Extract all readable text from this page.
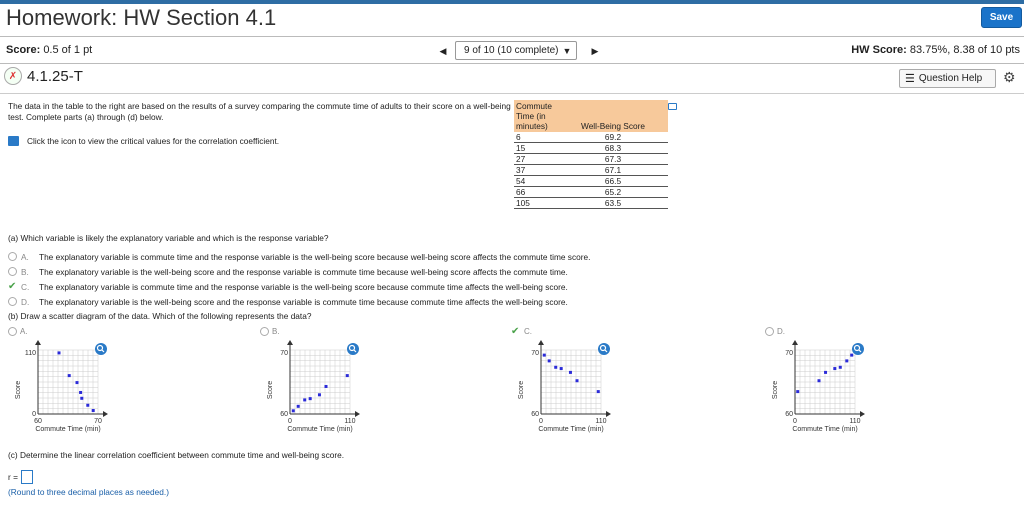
Homework: HW Section 4.1	Save
Score: 0.5 of 1 pt	◀	9 of 10 (10 complete) ▼	▶	HW Score: 83.75%, 8.38 of 10 pts
✗ 4.1.25-T	☰ Question Help ⚙
The data in the table to the right are based on the results of a survey comparing the commute time of adults to their score on a well-being test. Complete parts (a) through (d) below.
Click the icon to view the critical values for the correlation coefficient.
Commute Time (in minutes)	Well-Being Score
6	69.2
15	68.3
27	67.3
37	67.1
54	66.5
66	65.2
105	63.5
(a) Which variable is likely the explanatory variable and which is the response variable?
A.	The explanatory variable is commute time and the response variable is the well-being score because well-being score affects the commute time score.
B.	The explanatory variable is the well-being score and the response variable is commute time because well-being score affects the commute time.
✔ C.	The explanatory variable is commute time and the response variable is the well-being score because commute time affects the well-being score.
D.	The explanatory variable is the well-being score and the response variable is commute time because commute time affects the well-being score.
(b) Draw a scatter diagram of the data. Which of the following represents the data?
A.	B.	✔ C.	D.
110
0
60	70
Score
Commute Time (min)
70
60
0	110
Score
Commute Time (min)
70
60
0	110
Score
Commute Time (min)
70
60
0	110
Score
Commute Time (min)
(c) Determine the linear correlation coefficient between commute time and well-being score.
r =
(Round to three decimal places as needed.)
